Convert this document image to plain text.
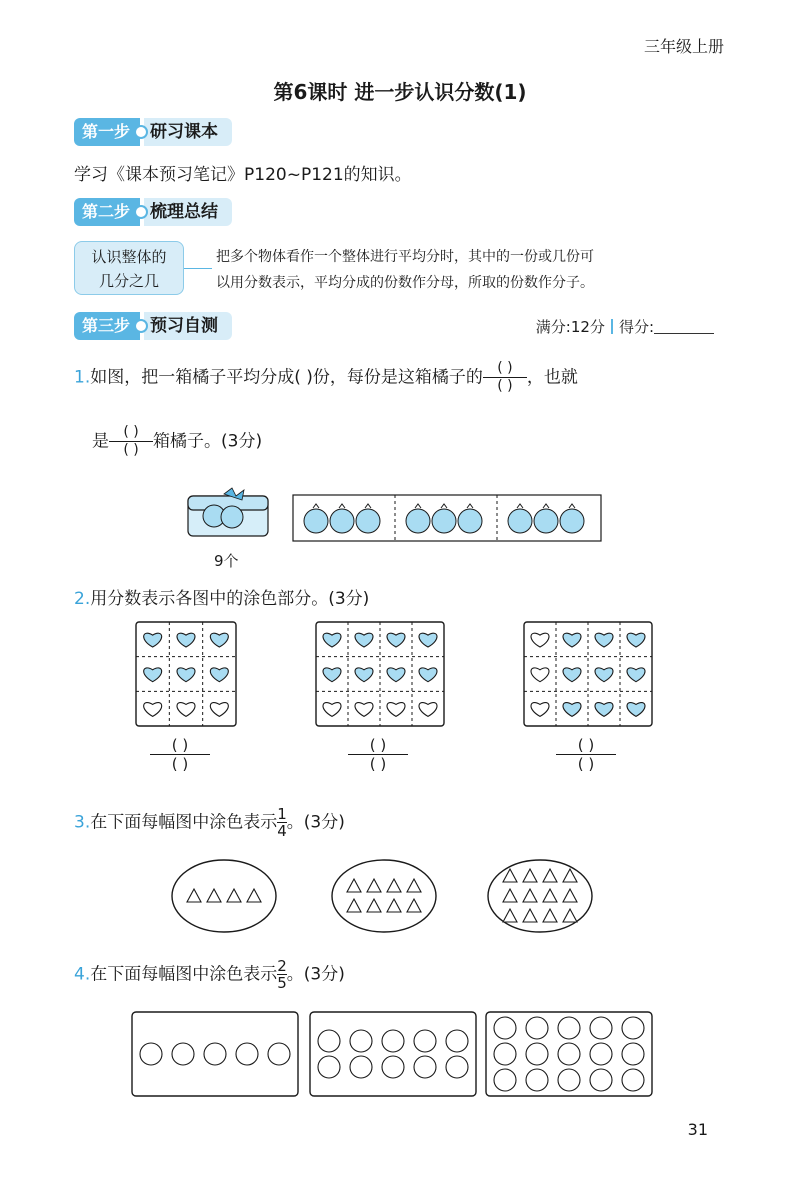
三年级上册
第6课时 进一步认识分数(1)
第一步	研习课本
学习《课本预习笔记》P120~P121的知识。
第二步	梳理总结
认识整体的
几分之几
把多个物体看作一个整体进行平均分时，其中的一份或几份可
以用分数表示，平均分成的份数作分母，所取的份数作分子。
第三步	预习自测	满分:12分 得分:
1.如图，把一箱橘子平均分成( )份，每份是这箱橘子的 $\frac{( )}{( )}$ ，也就
是 $\frac{( )}{( )}$ 箱橘子。(3分)
9个
2.用分数表示各图中的涂色部分。(3分)
( )
( )
( )
( )
( )
( )
3.在下面每幅图中涂色表示 $\frac{1}{4}$ 。(3分)
4.在下面每幅图中涂色表示 $\frac{2}{5}$ 。(3分)
31
